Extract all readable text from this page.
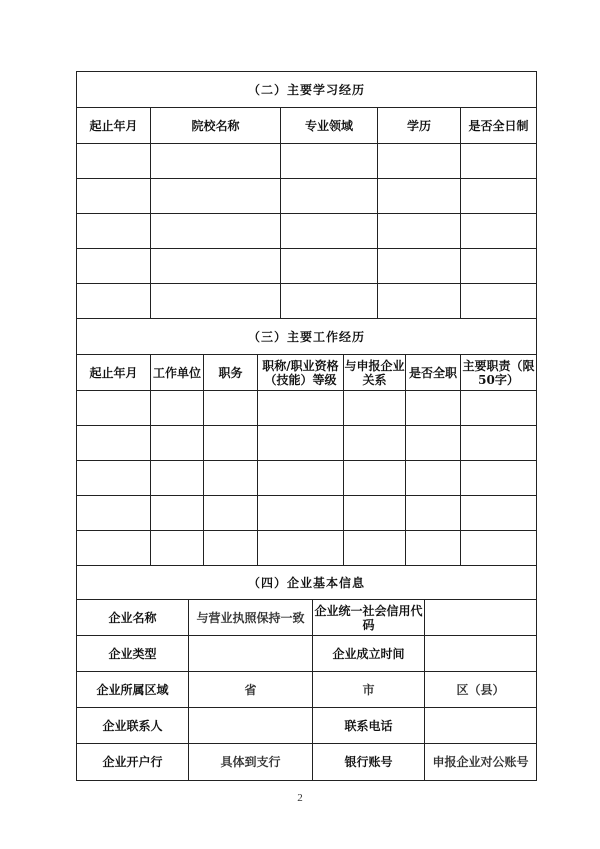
（二）主要学习经历				
起止年月	院校名称	专业领域	学历	是否全日制

（三）主要工作经历						
起止年月	工作单位	职务	职称/职业资格（技能）等级	与申报企业关系	是否全职	主要职责（限50字）

（四）企业基本信息			
企业名称	与营业执照保持一致	企业统一社会信用代码	
企业类型		企业成立时间	
企业所属区域	省	市	区（县）
企业联系人		联系电话	
企业开户行	具体到支行	银行账号	申报企业对公账号
2
